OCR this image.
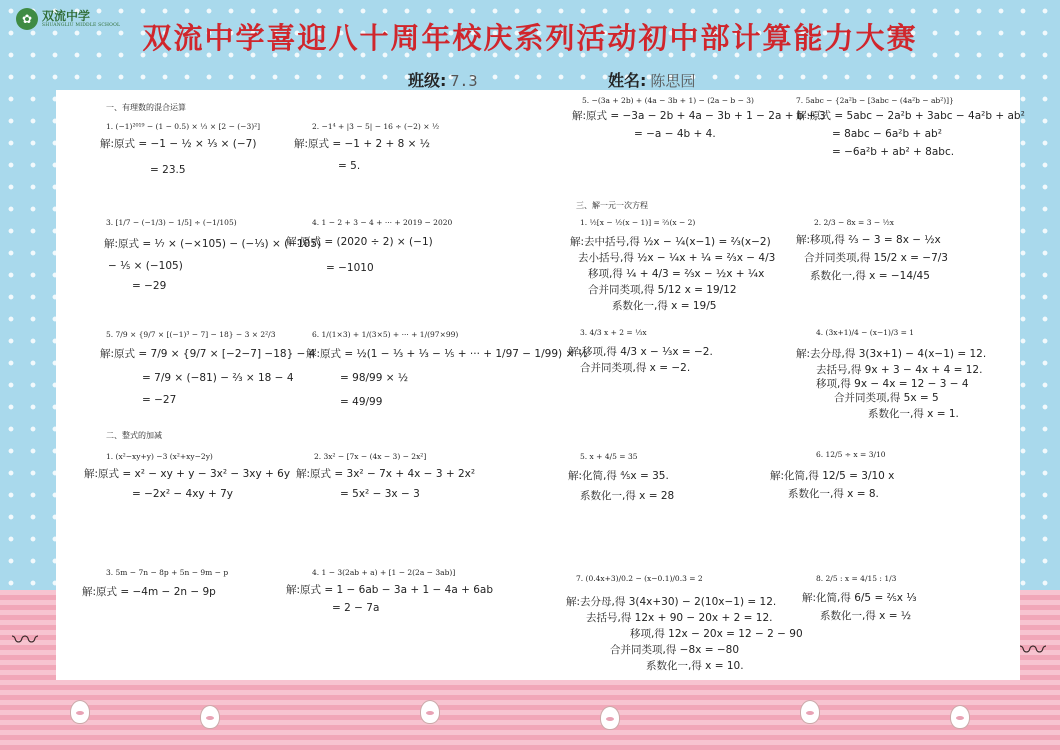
〰	〰
✿ 双流中学
SHUANGLIU MIDDLE SCHOOL 双流中学喜迎八十周年校庆系列活动初中部计算能力大赛
班级: 7.3	姓名: 陈思园
一、有理数的混合运算
1. (−1)²⁰¹⁹ − (1 − 0.5) × ⅓ × [2 − (−3)²]
解:原式 = −1 − ½ × ⅓ × (−7)
= 23.5
2. −1⁴ + |3 − 5| − 16 ÷ (−2) × ½
解:原式 = −1 + 2 + 8 × ½
= 5.
3. [1/7 − (−1/3) − 1/5] ÷ (−1/105)
解:原式 = ⅐ × (−×105) − (−⅓) × (−105)
− ⅕ × (−105)
= −29
4. 1 − 2 + 3 − 4 + ··· + 2019 − 2020
解:原式 = (2020 ÷ 2) × (−1)
= −1010
5. 7/9 × {9/7 × [(−1)³ − 7] − 18} − 3 × 2²/3
解:原式 = 7/9 × {9/7 × [−2−7] −18} − 4
= 7/9 × (−81) − ⅔ × 18 − 4
= −27
6. 1/(1×3) + 1/(3×5) + ··· + 1/(97×99)
解:原式 = ½(1 − ⅓ + ⅓ − ⅕ + ··· + 1/97 − 1/99) × ½
= 98/99 × ½
= 49/99
二、整式的加减
1. (x²−xy+y) −3 (x²+xy−2y)
解:原式 = x² − xy + y − 3x² − 3xy + 6y
= −2x² − 4xy + 7y
2. 3x² − [7x − (4x − 3) − 2x²]
解:原式 = 3x² − 7x + 4x − 3 + 2x²
= 5x² − 3x − 3
3. 5m − 7n − 8p + 5n − 9m − p
解:原式 = −4m − 2n − 9p
4. 1 − 3(2ab + a) + [1 − 2(2a − 3ab)]
解:原式 = 1 − 6ab − 3a + 1 − 4a + 6ab
= 2 − 7a
5. −(3a + 2b) + (4a − 3b + 1) − (2a − b − 3)
解:原式 = −3a − 2b + 4a − 3b + 1 − 2a + b + 3
= −a − 4b + 4.
7. 5abc − {2a²b − [3abc − (4a²b − ab²)]}
解:原式 = 5abc − 2a²b + 3abc − 4a²b + ab²
= 8abc − 6a²b + ab²
= −6a²b + ab² + 8abc.
三、解一元一次方程
1. ½[x − ½(x − 1)] = ⅔(x − 2)
解:去中括号,得 ½x − ¼(x−1) = ⅔(x−2)
去小括号,得 ½x − ¼x + ¼ = ⅔x − 4/3
移项,得 ¼ + 4/3 = ⅔x − ½x + ¼x
合并同类项,得 5/12 x = 19/12
系数化一,得 x = 19/5
2. 2/3 − 8x = 3 − ½x
解:移项,得 ⅔ − 3 = 8x − ½x
合并同类项,得 15/2 x = −7/3
系数化一,得 x = −14/45
3. 4/3 x + 2 = ⅓x
解:移项,得 4/3 x − ⅓x = −2.
合并同类项,得 x = −2.
4. (3x+1)/4 − (x−1)/3 = 1
解:去分母,得 3(3x+1) − 4(x−1) = 12.
去括号,得 9x + 3 − 4x + 4 = 12.
移项,得 9x − 4x = 12 − 3 − 4
合并同类项,得 5x = 5
系数化一,得 x = 1.
5. x + 4/5 = 35
解:化简,得 ⅘x = 35.
系数化一,得 x = 28
6. 12/5 ÷ x = 3/10
解:化简,得 12/5 = 3/10 x
系数化一,得 x = 8.
7. (0.4x+3)/0.2 − (x−0.1)/0.3 = 2
解:去分母,得 3(4x+30) − 2(10x−1) = 12.
去括号,得 12x + 90 − 20x + 2 = 12.
移项,得 12x − 20x = 12 − 2 − 90
合并同类项,得 −8x = −80
系数化一,得 x = 10.
8. 2/5 : x = 4/15 : 1/3
解:化简,得 6/5 = ⅖x ⅓
系数化一,得 x = ½
